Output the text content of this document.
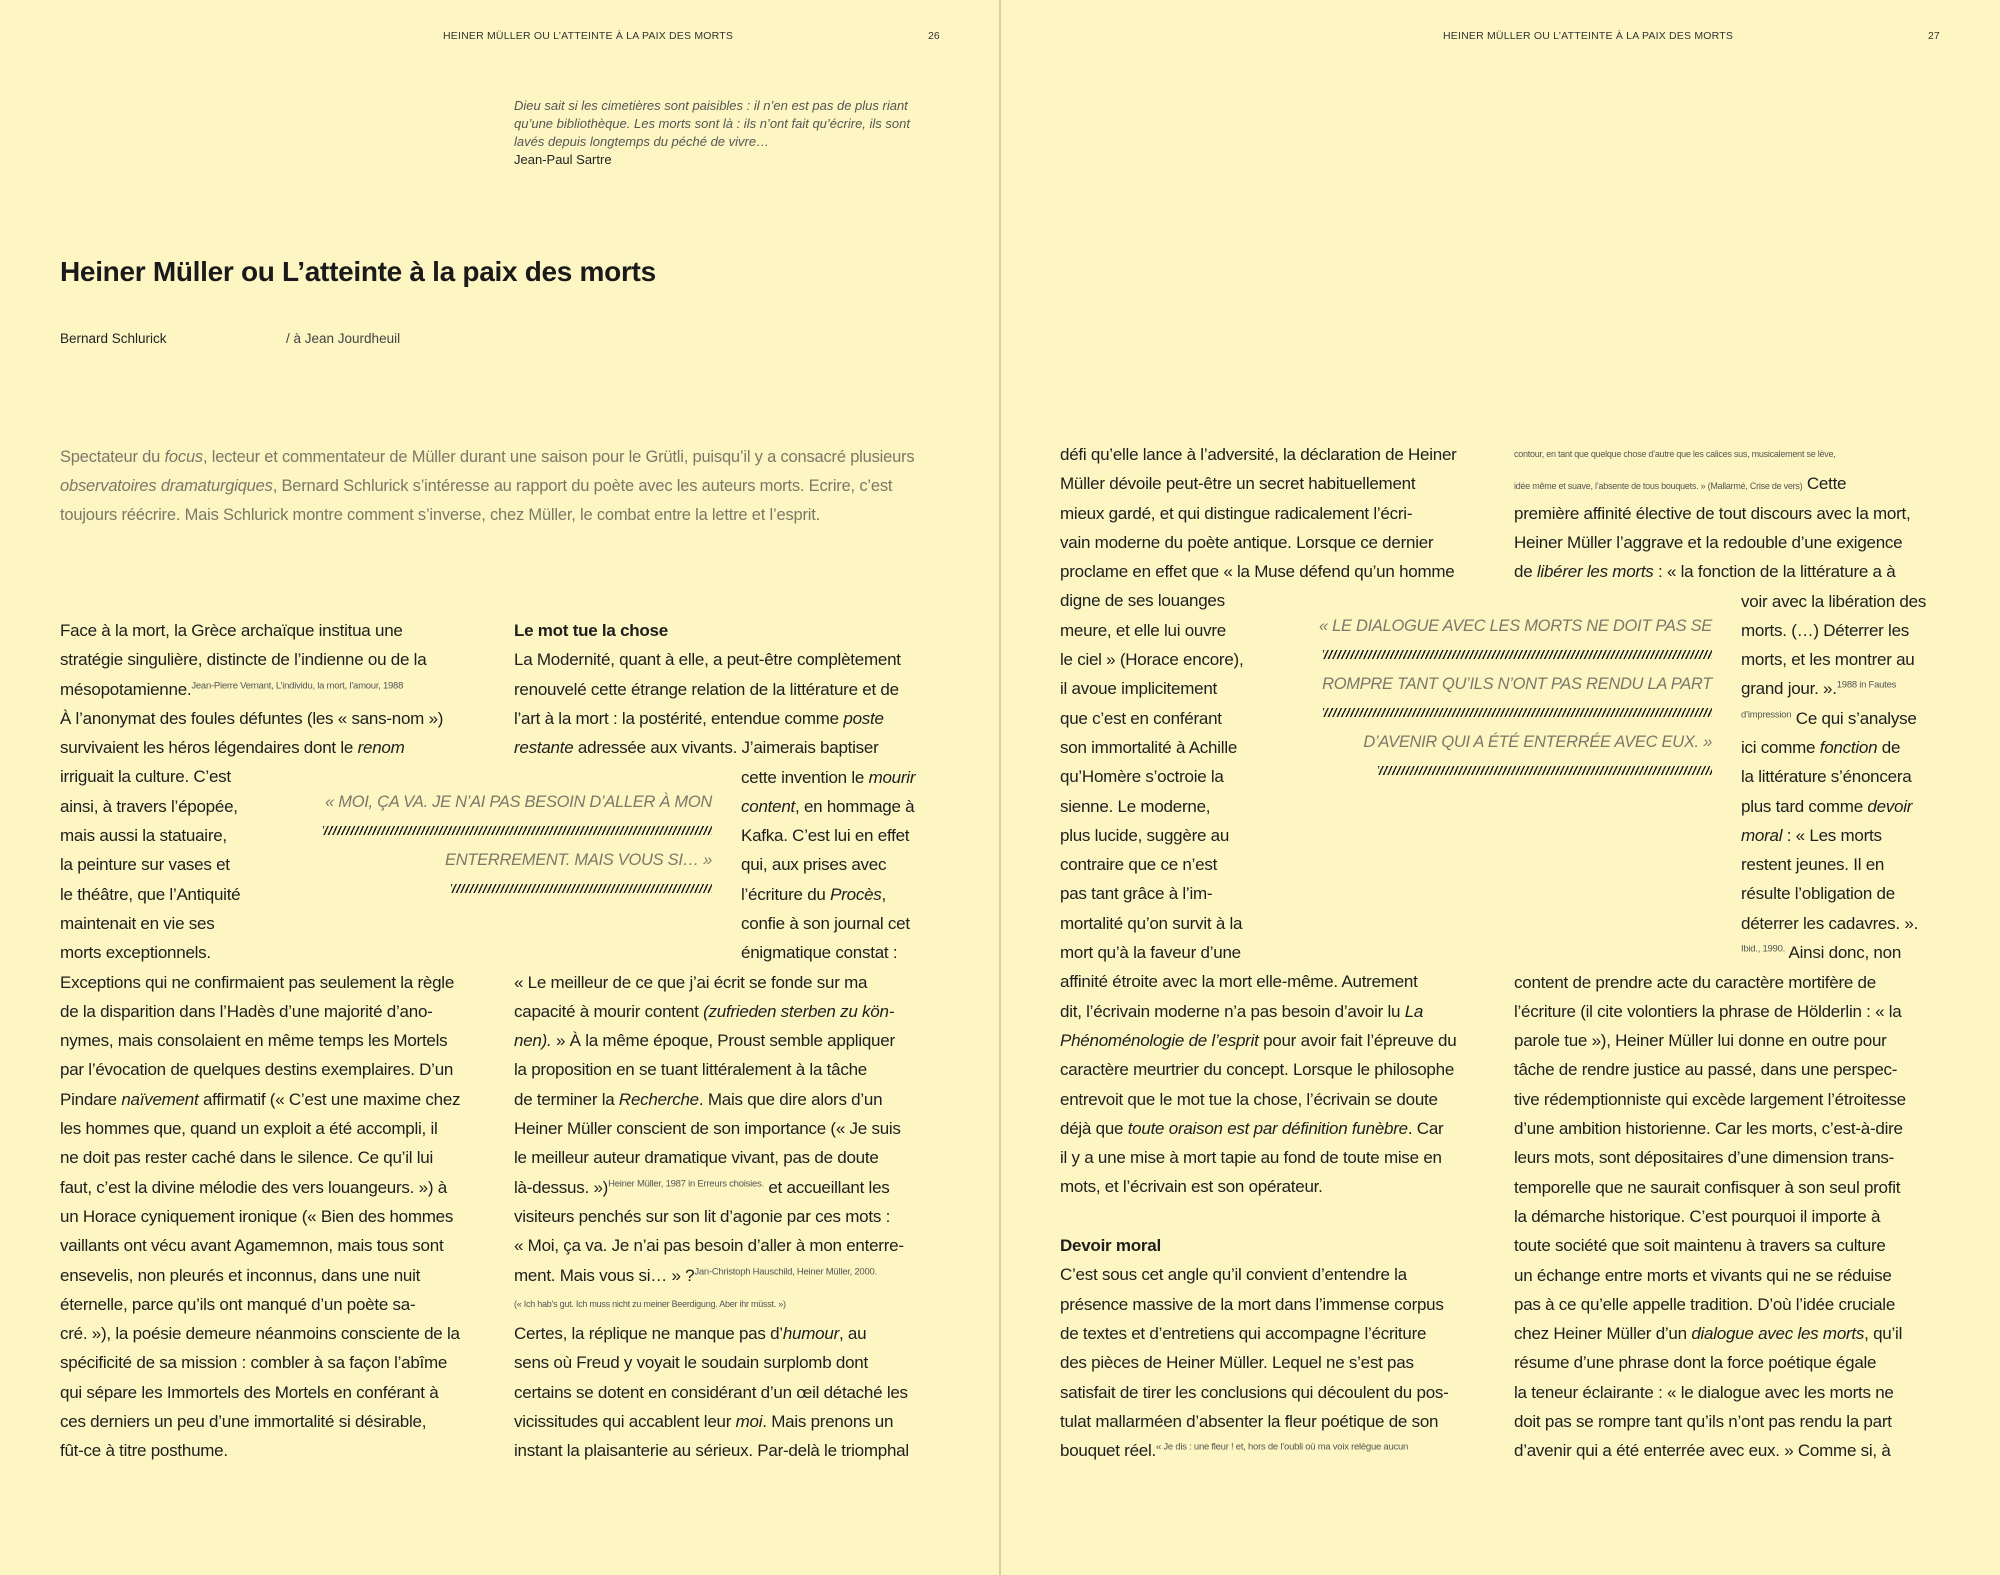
HEINER MÜLLER OU L’ATTEINTE À LA PAIX DES MORTS	26
Dieu sait si les cimetières sont paisibles : il n’en est pas de plus riant
qu’une bibliothèque. Les morts sont là : ils n’ont fait qu’écrire, ils sont
lavés depuis longtemps du péché de vivre…
Jean-Paul Sartre
Heiner Müller ou L’atteinte à la paix des morts
Bernard Schlurick	/ à Jean Jourdheuil
Spectateur du focus, lecteur et commentateur de Müller durant une saison pour le Grütli, puisqu’il y a consacré plusieurs
observatoires dramaturgiques, Bernard Schlurick s’intéresse au rapport du poète avec les auteurs morts. Ecrire, c’est
toujours réécrire. Mais Schlurick montre comment s’inverse, chez Müller, le combat entre la lettre et l’esprit.
Face à la mort, la Grèce archaïque institua une
stratégie singulière, distincte de l’indienne ou de la
mésopotamienne.$^{Jean-Pierre Vernant, L’individu, la mort, l’amour, 1988}$
À l’anonymat des foules défuntes (les « sans-nom »)
survivaient les héros légendaires dont le renom
irriguait la culture. C’est
ainsi, à travers l’épopée,
mais aussi la statuaire,
la peinture sur vases et
le théâtre, que l’Antiquité
maintenait en vie ses
morts exceptionnels.
Exceptions qui ne confirmaient pas seulement la règle
de la disparition dans l’Hadès d’une majorité d’ano-
nymes, mais consolaient en même temps les Mortels
par l’évocation de quelques destins exemplaires. D’un
Pindare naïvement affirmatif (« C’est une maxime chez
les hommes que, quand un exploit a été accompli, il
ne doit pas rester caché dans le silence. Ce qu’il lui
faut, c’est la divine mélodie des vers louangeurs. ») à
un Horace cyniquement ironique (« Bien des hommes
vaillants ont vécu avant Agamemnon, mais tous sont
ensevelis, non pleurés et inconnus, dans une nuit
éternelle, parce qu’ils ont manqué d’un poète sa-
cré. »), la poésie demeure néanmoins consciente de la
spécificité de sa mission : combler à sa façon l’abîme
qui sépare les Immortels des Mortels en conférant à
ces derniers un peu d’une immortalité si désirable,
fût-ce à titre posthume.
Le mot tue la chose
La Modernité, quant à elle, a peut-être complètement
renouvelé cette étrange relation de la littérature et de
l’art à la mort : la postérité, entendue comme poste
restante adressée aux vivants. J’aimerais baptiser
cette invention le mourir
content, en hommage à
Kafka. C’est lui en effet
qui, aux prises avec
l’écriture du Procès,
confie à son journal cet
énigmatique constat :
« Le meilleur de ce que j’ai écrit se fonde sur ma
capacité à mourir content (zufrieden sterben zu kön-
nen). » À la même époque, Proust semble appliquer
la proposition en se tuant littéralement à la tâche
de terminer la Recherche. Mais que dire alors d’un
Heiner Müller conscient de son importance (« Je suis
le meilleur auteur dramatique vivant, pas de doute
là-dessus. »)$^{Heiner Müller, 1987 in Erreurs choisies.}$ et accueillant les
visiteurs penchés sur son lit d’agonie par ces mots :
« Moi, ça va. Je n’ai pas besoin d’aller à mon enterre-
ment. Mais vous si… » ?$^{Jan-Christoph Hauschild, Heiner Müller, 2000.}$
(« Ich hab’s gut. Ich muss nicht zu meiner Beerdigung. Aber ihr müsst. »)
Certes, la réplique ne manque pas d’humour, au
sens où Freud y voyait le soudain surplomb dont
certains se dotent en considérant d’un œil détaché les
vicissitudes qui accablent leur moi. Mais prenons un
instant la plaisanterie au sérieux. Par-delà le triomphal
« MOI, ÇA VA. JE N’AI PAS BESOIN D’ALLER À MON
ENTERREMENT. MAIS VOUS SI… »
HEINER MÜLLER OU L’ATTEINTE À LA PAIX DES MORTS	27
défi qu’elle lance à l’adversité, la déclaration de Heiner
Müller dévoile peut-être un secret habituellement
mieux gardé, et qui distingue radicalement l’écri-
vain moderne du poète antique. Lorsque ce dernier
proclame en effet que « la Muse défend qu’un homme
digne de ses louanges
meure, et elle lui ouvre
le ciel » (Horace encore),
il avoue implicitement
que c’est en conférant
son immortalité à Achille
qu’Homère s’octroie la
sienne. Le moderne,
plus lucide, suggère au
contraire que ce n’est
pas tant grâce à l’im-
mortalité qu’on survit à la
mort qu’à la faveur d’une
affinité étroite avec la mort elle-même. Autrement
dit, l’écrivain moderne n’a pas besoin d’avoir lu La
Phénoménologie de l’esprit pour avoir fait l’épreuve du
caractère meurtrier du concept. Lorsque le philosophe
entrevoit que le mot tue la chose, l’écrivain se doute
déjà que toute oraison est par définition funèbre. Car
il y a une mise à mort tapie au fond de toute mise en
mots, et l’écrivain est son opérateur.
Devoir moral
C’est sous cet angle qu’il convient d’entendre la
présence massive de la mort dans l’immense corpus
de textes et d’entretiens qui accompagne l’écriture
des pièces de Heiner Müller. Lequel ne s’est pas
satisfait de tirer les conclusions qui découlent du pos-
tulat mallarméen d’absenter la fleur poétique de son
bouquet réel.$^{« Je dis : une fleur ! et, hors de l’oubli où ma voix relègue aucun}$
contour, en tant que quelque chose d’autre que les calices sus, musicalement se lève,
idée même et suave, l’absente de tous bouquets. » (Mallarmé, Crise de vers) Cette
première affinité élective de tout discours avec la mort,
Heiner Müller l’aggrave et la redouble d’une exigence
de libérer les morts : « la fonction de la littérature a à
voir avec la libération des
morts. (…) Déterrer les
morts, et les montrer au
grand jour. ».$^{1988 in Fautes}$
$^{d’impression}$ Ce qui s’analyse
ici comme fonction de
la littérature s’énoncera
plus tard comme devoir
moral : « Les morts
restent jeunes. Il en
résulte l’obligation de
déterrer les cadavres. ».
$^{Ibid., 1990.}$ Ainsi donc, non
content de prendre acte du caractère mortifère de
l’écriture (il cite volontiers la phrase de Hölderlin : « la
parole tue »), Heiner Müller lui donne en outre pour
tâche de rendre justice au passé, dans une perspec-
tive rédemptionniste qui excède largement l’étroitesse
d’une ambition historienne. Car les morts, c’est-à-dire
leurs mots, sont dépositaires d’une dimension trans-
temporelle que ne saurait confisquer à son seul profit
la démarche historique. C’est pourquoi il importe à
toute société que soit maintenu à travers sa culture
un échange entre morts et vivants qui ne se réduise
pas à ce qu’elle appelle tradition. D’où l’idée cruciale
chez Heiner Müller d’un dialogue avec les morts, qu’il
résume d’une phrase dont la force poétique égale
la teneur éclairante : « le dialogue avec les morts ne
doit pas se rompre tant qu’ils n’ont pas rendu la part
d’avenir qui a été enterrée avec eux. » Comme si, à
« LE DIALOGUE AVEC LES MORTS NE DOIT PAS SE
ROMPRE TANT QU’ILS N’ONT PAS RENDU LA PART
D’AVENIR QUI A ÉTÉ ENTERRÉE AVEC EUX. »
